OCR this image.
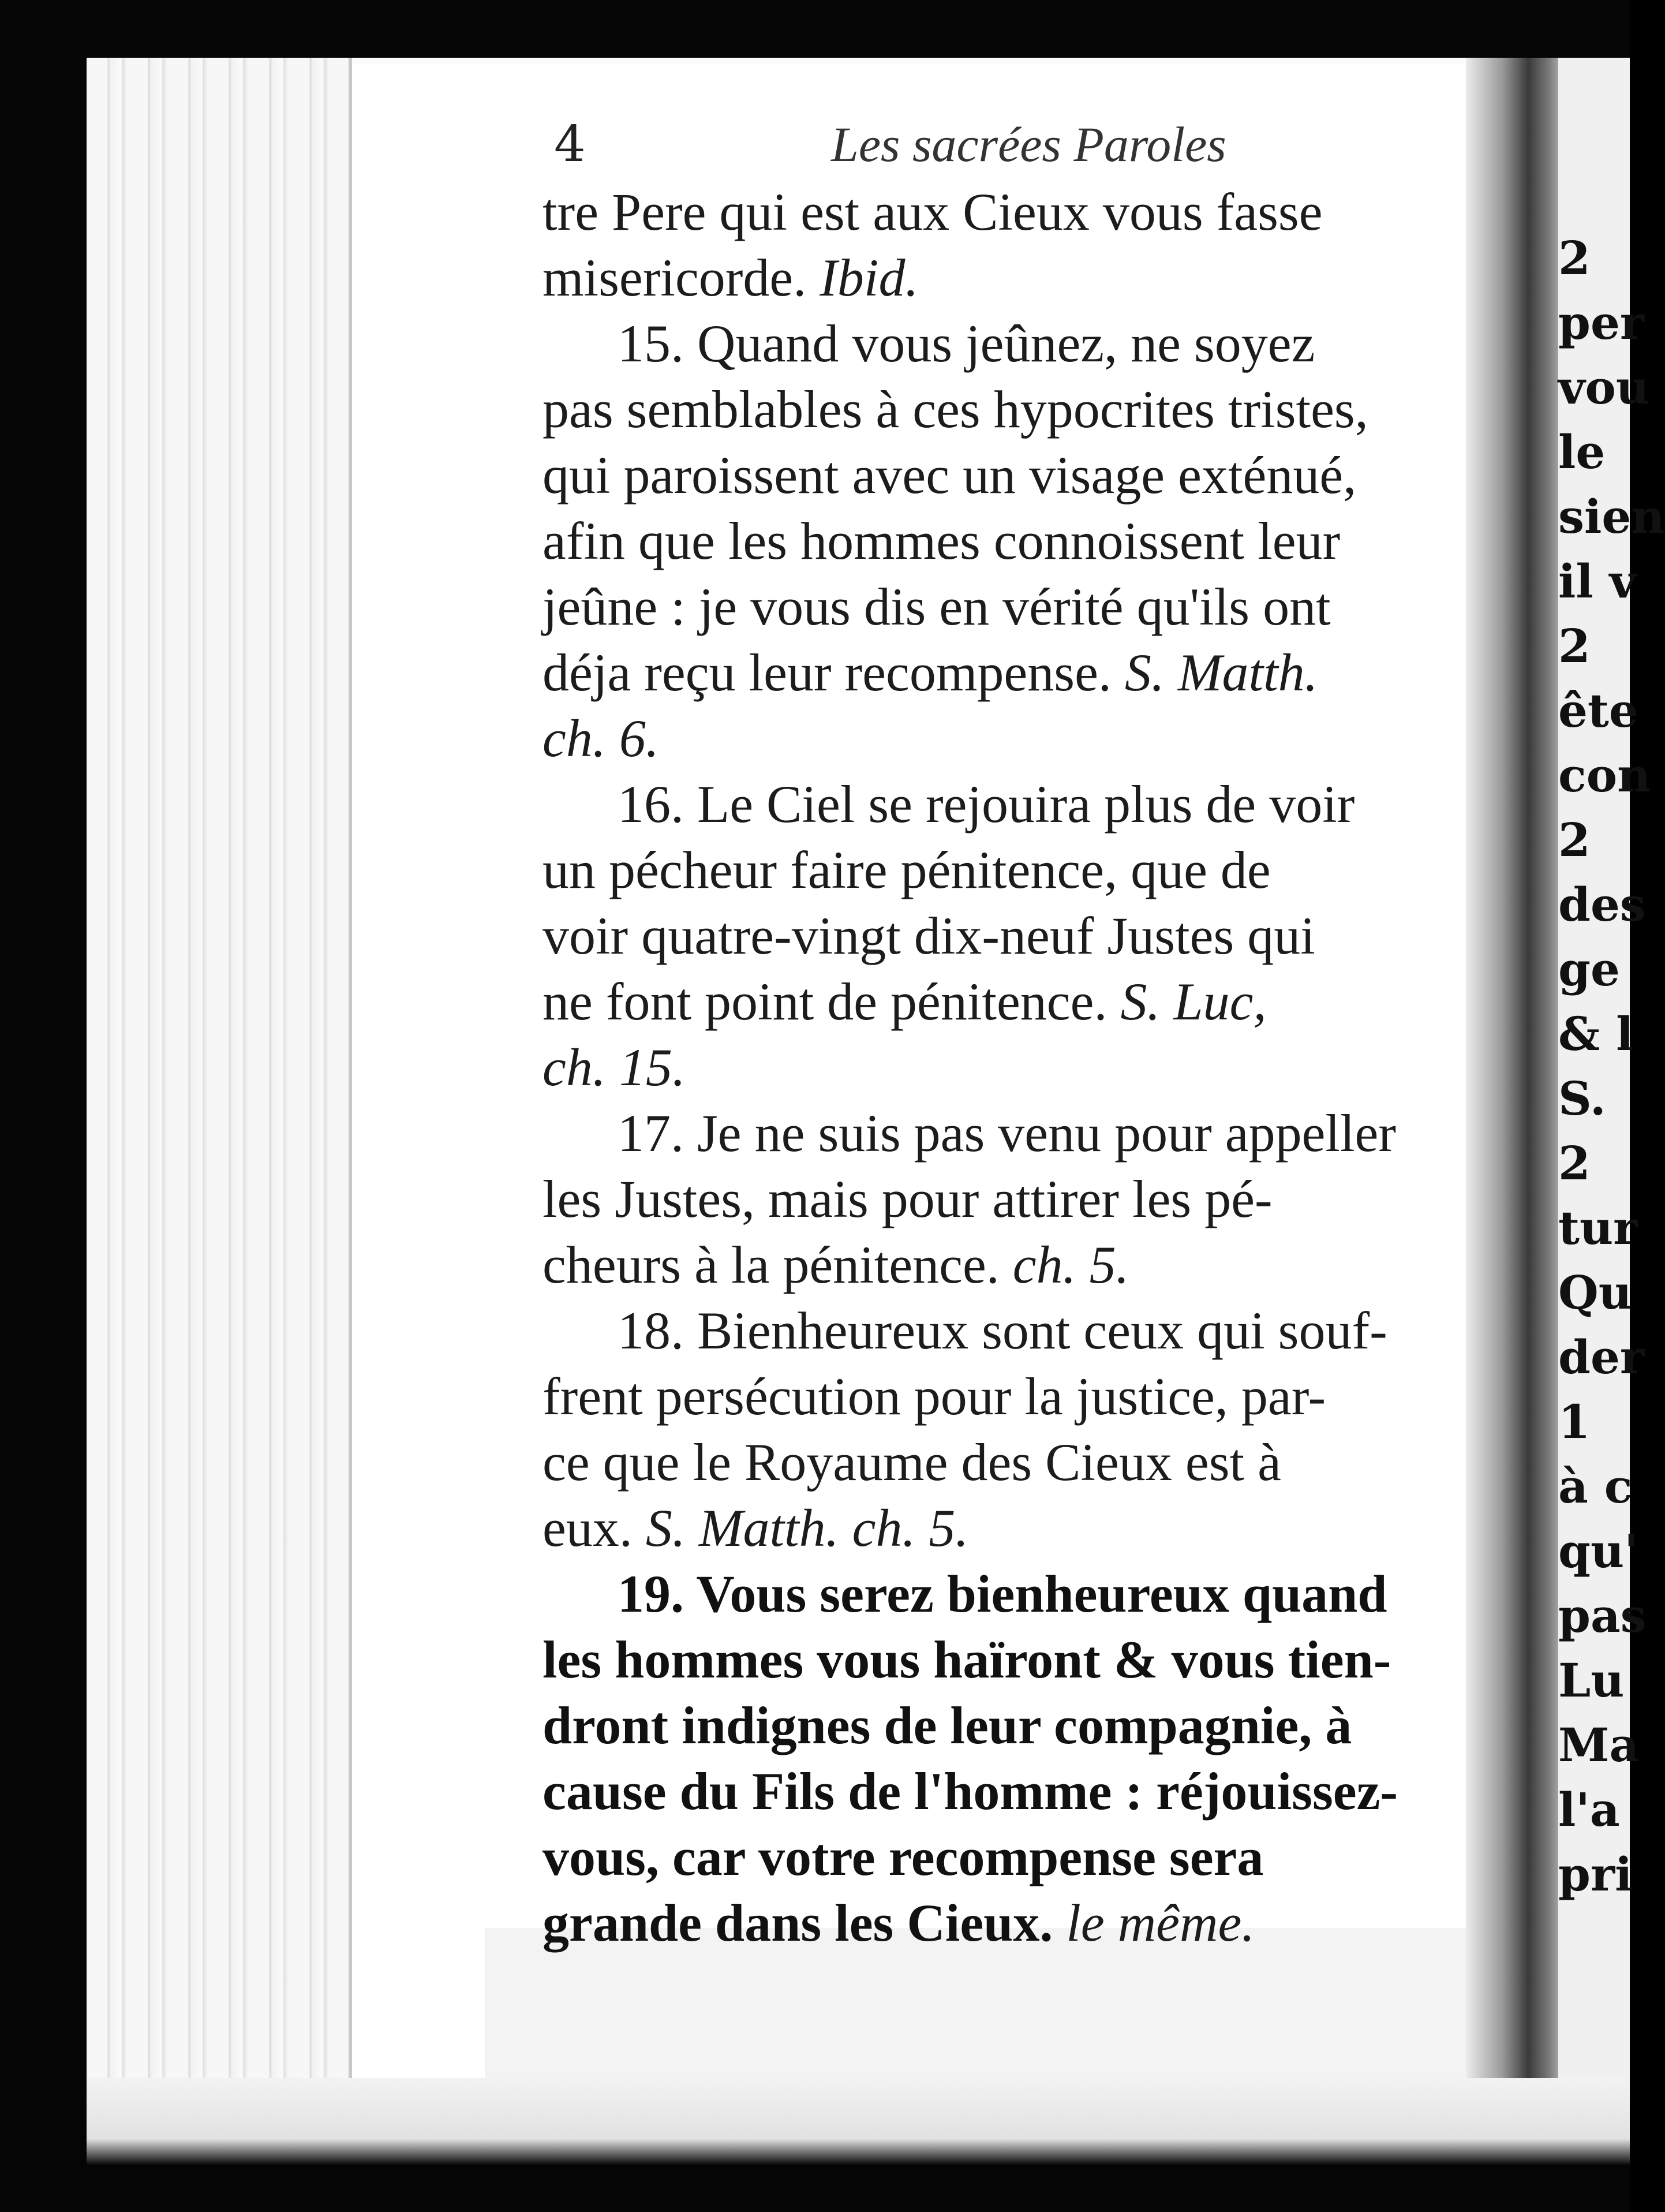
2
per
vou
le
sien
il v
2
ête
con
2
des
ge
& l
S.
2
tur
Qu
der
1
à c
qu'
pas
Lu
Ma
l'a
pri
4	Les sacrées Paroles
tre Pere qui est aux Cieux vous fasse
misericorde. Ibid.
15. Quand vous jeûnez, ne soyez
pas semblables à ces hypocrites tristes,
qui paroissent avec un visage exténué,
afin que les hommes connoissent leur
jeûne : je vous dis en vérité qu'ils ont
déja reçu leur recompense. S. Matth.
ch. 6.
16. Le Ciel se rejouira plus de voir
un pécheur faire pénitence, que de
voir quatre-vingt dix-neuf Justes qui
ne font point de pénitence. S. Luc,
ch. 15.
17. Je ne suis pas venu pour appeller
les Justes, mais pour attirer les pé-
cheurs à la pénitence. ch. 5.
18. Bienheureux sont ceux qui souf-
frent persécution pour la justice, par-
ce que le Royaume des Cieux est à
eux. S. Matth. ch. 5.
19. Vous serez bienheureux quand
les hommes vous haïront & vous tien-
dront indignes de leur compagnie, à
cause du Fils de l'homme : réjouissez-
vous, car votre recompense sera
grande dans les Cieux. le même.
